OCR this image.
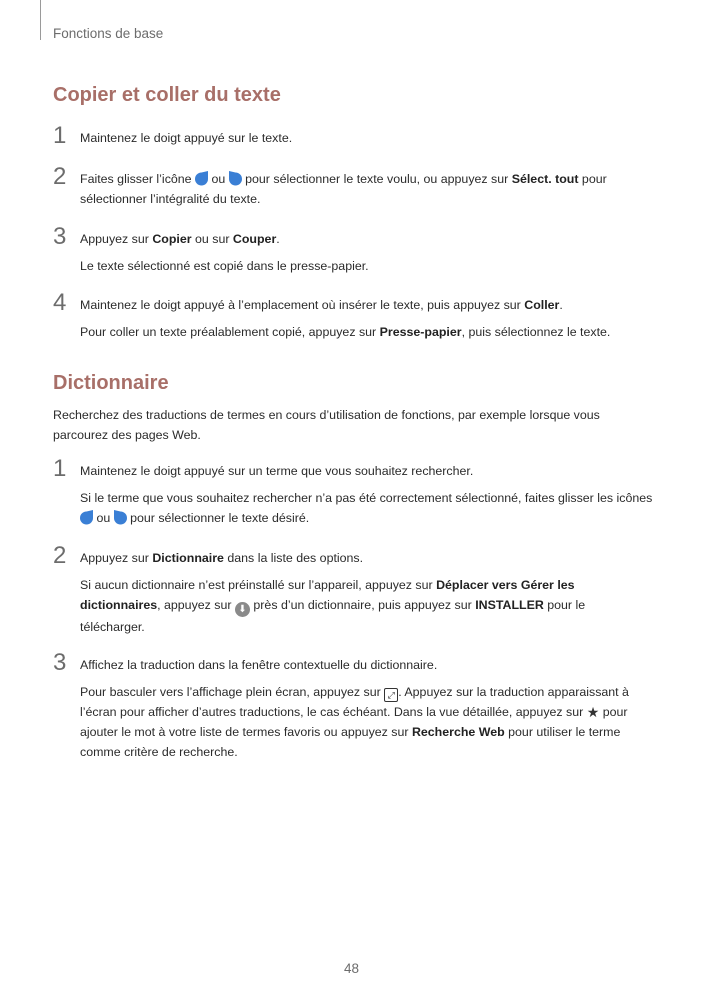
Fonctions de base
Copier et coller du texte
1 Maintenez le doigt appuyé sur le texte.

2 Faites glisser l’icône  ou  pour sélectionner le texte voulu, ou appuyez sur Sélect. tout pour sélectionner l’intégralité du texte.

3 Appuyez sur Copier ou sur Couper.

Le texte sélectionné est copié dans le presse-papier.

4 Maintenez le doigt appuyé à l’emplacement où insérer le texte, puis appuyez sur Coller.

Pour coller un texte préalablement copié, appuyez sur Presse-papier, puis sélectionnez le texte.

Dictionnaire
Recherchez des traductions de termes en cours d’utilisation de fonctions, par exemple lorsque vous parcourez des pages Web.
1 Maintenez le doigt appuyé sur un terme que vous souhaitez rechercher.

Si le terme que vous souhaitez rechercher n’a pas été correctement sélectionné, faites glisser les icônes  ou  pour sélectionner le texte désiré.

2 Appuyez sur Dictionnaire dans la liste des options.

Si aucun dictionnaire n’est préinstallé sur l’appareil, appuyez sur Déplacer vers Gérer les dictionnaires, appuyez sur ⬇ près d’un dictionnaire, puis appuyez sur INSTALLER pour le télécharger.

3 Affichez la traduction dans la fenêtre contextuelle du dictionnaire.

Pour basculer vers l’affichage plein écran, appuyez sur ⤢ . Appuyez sur la traduction apparaissant à l’écran pour afficher d’autres traductions, le cas échéant. Dans la vue détaillée, appuyez sur ★ pour ajouter le mot à votre liste de termes favoris ou appuyez sur Recherche Web pour utiliser le terme comme critère de recherche.

48
